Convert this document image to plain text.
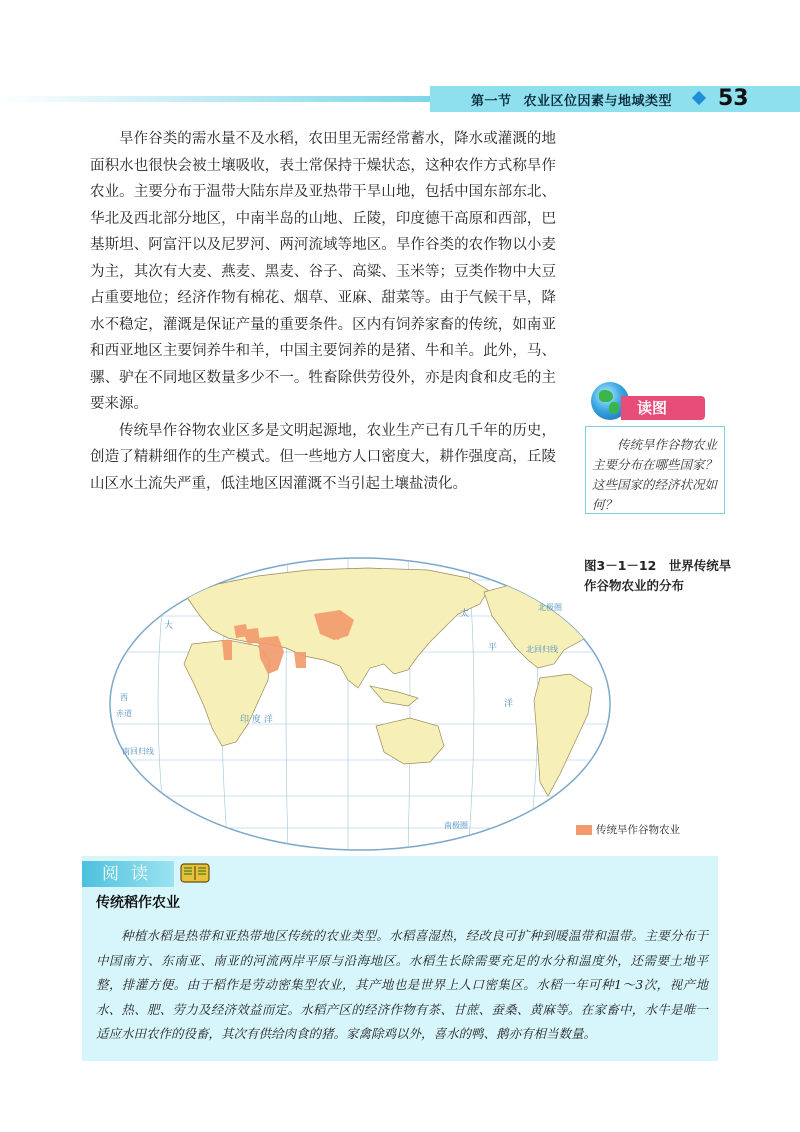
第一节 农业区位因素与地域类型 53

旱作谷类的需水量不及水稻，农田里无需经常蓄水，降水或灌溉的地面积水也很快会被土壤吸收，表土常保持干燥状态，这种农作方式称旱作农业。主要分布于温带大陆东岸及亚热带干旱山地，包括中国东部东北、华北及西北部分地区，中南半岛的山地、丘陵，印度德干高原和西部，巴基斯坦、阿富汗以及尼罗河、两河流域等地区。旱作谷类的农作物以小麦为主，其次有大麦、燕麦、黑麦、谷子、高粱、玉米等；豆类作物中大豆占重要地位；经济作物有棉花、烟草、亚麻、甜菜等。由于气候干旱，降水不稳定，灌溉是保证产量的重要条件。区内有饲养家畜的传统，如南亚和西亚地区主要饲养牛和羊，中国主要饲养的是猪、牛和羊。此外，马、骡、驴在不同地区数量多少不一。牲畜除供劳役外，亦是肉食和皮毛的主要来源。

传统旱作谷物农业区多是文明起源地，农业生产已有几千年的历史，创造了精耕细作的生产模式。但一些地方人口密度大，耕作强度高，丘陵山区水土流失严重，低洼地区因灌溉不当引起土壤盐渍化。

读图

传统旱作谷物农业主要分布在哪些国家？这些国家的经济状况如何？

图3－1－12　世界传统旱作谷物农业的分布
北回归线
北极圈
赤道
南回归线
南极圈
西
印 度 洋
太
平
洋
大
传统旱作谷物农业
阅读
传统稻作农业

种植水稻是热带和亚热带地区传统的农业类型。水稻喜湿热，经改良可扩种到暖温带和温带。主要分布于中国南方、东南亚、南亚的河流两岸平原与沿海地区。水稻生长除需要充足的水分和温度外，还需要土地平整，排灌方便。由于稻作是劳动密集型农业，其产地也是世界上人口密集区。水稻一年可种1～3次，视产地水、热、肥、劳力及经济效益而定。水稻产区的经济作物有茶、甘蔗、蚕桑、黄麻等。在家畜中，水牛是唯一适应水田农作的役畜，其次有供给肉食的猪。家禽除鸡以外，喜水的鸭、鹅亦有相当数量。
